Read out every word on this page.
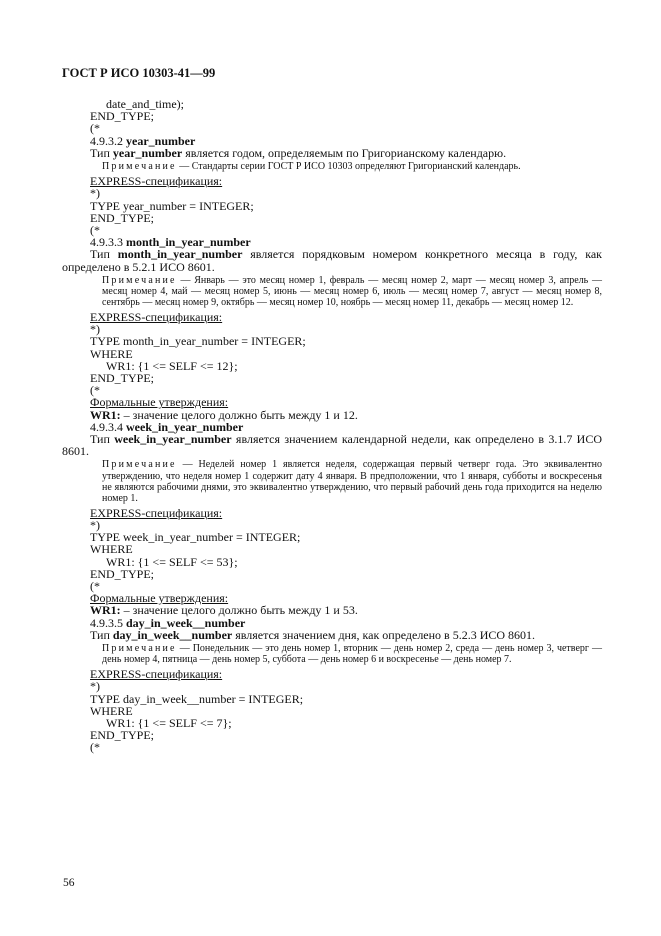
ГОСТ Р ИСО 10303-41—99

date_and_time);

END_TYPE;

(*

4.9.3.2 year_number

Тип year_number является годом, определяемым по Григорианскому календарю.

Примечание — Стандарты серии ГОСТ Р ИСО 10303 определяют Григорианский календарь.

EXPRESS-спецификация:

*)

TYPE year_number = INTEGER;

END_TYPE;

(*

4.9.3.3 month_in_year_number

Тип month_in_year_number является порядковым номером конкретного месяца в году, как определено в 5.2.1 ИСО 8601.

Примечание — Январь — это месяц номер 1, февраль — месяц номер 2, март — месяц номер 3, апрель — месяц номер 4, май — месяц номер 5, июнь — месяц номер 6, июль — месяц номер 7, август — месяц номер 8, сентябрь — месяц номер 9, октябрь — месяц номер 10, ноябрь — месяц номер 11, декабрь — месяц номер 12.

EXPRESS-спецификация:

*)

TYPE month_in_year_number = INTEGER;

WHERE

WR1: {1 <= SELF <= 12};

END_TYPE;

(*

Формальные утверждения:

WR1: – значение целого должно быть между 1 и 12.

4.9.3.4 week_in_year_number

Тип week_in_year_number является значением календарной недели, как определено в 3.1.7 ИСО 8601.

Примечание — Неделей номер 1 является неделя, содержащая первый четверг года. Это эквивалентно утверждению, что неделя номер 1 содержит дату 4 января. В предположении, что 1 января, субботы и воскресенья не являются рабочими днями, это эквивалентно утверждению, что первый рабочий день года приходится на неделю номер 1.

EXPRESS-спецификация:

*)

TYPE week_in_year_number = INTEGER;

WHERE

WR1: {1 <= SELF <= 53};

END_TYPE;

(*

Формальные утверждения:

WR1: – значение целого должно быть между 1 и 53.

4.9.3.5 day_in_week__number

Тип day_in_week__number является значением дня, как определено в 5.2.3 ИСО 8601.

Примечание — Понедельник — это день номер 1, вторник — день номер 2, среда — день номер 3, четверг — день номер 4, пятница — день номер 5, суббота — день номер 6 и воскресенье — день номер 7.

EXPRESS-спецификация:

*)

TYPE day_in_week__number = INTEGER;

WHERE

WR1: {1 <= SELF <= 7};

END_TYPE;

(*

56
